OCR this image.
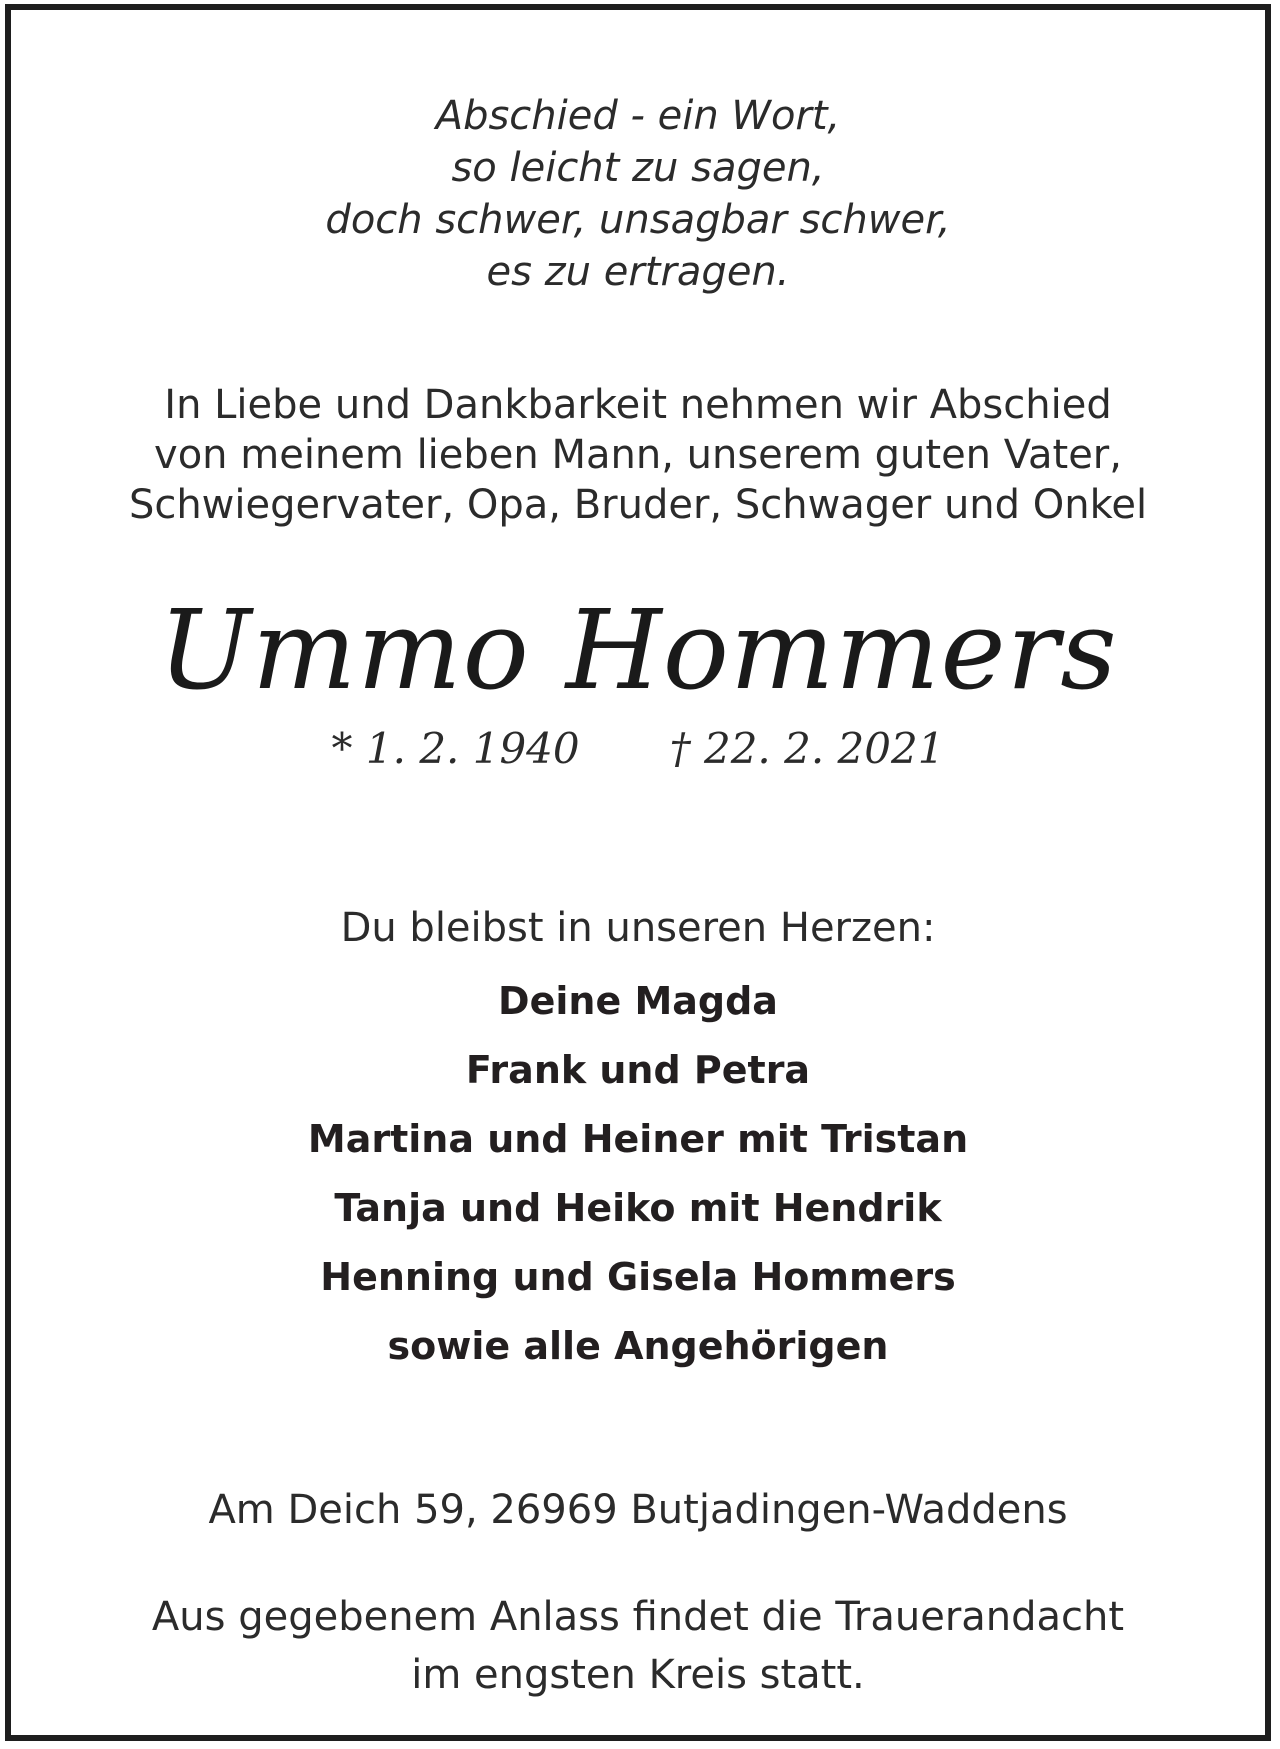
Abschied - ein Wort,
so leicht zu sagen,
doch schwer, unsagbar schwer,
es zu ertragen.
In Liebe und Dankbarkeit nehmen wir Abschied
von meinem lieben Mann, unserem guten Vater,
Schwiegervater, Opa, Bruder, Schwager und Onkel
Ummo Hommers
* 1. 2. 1940 † 22. 2. 2021
Du bleibst in unseren Herzen:
Deine Magda
Frank und Petra
Martina und Heiner mit Tristan
Tanja und Heiko mit Hendrik
Henning und Gisela Hommers
sowie alle Angehörigen
Am Deich 59, 26969 Butjadingen-Waddens
Aus gegebenem Anlass findet die Trauerandacht
im engsten Kreis statt.
